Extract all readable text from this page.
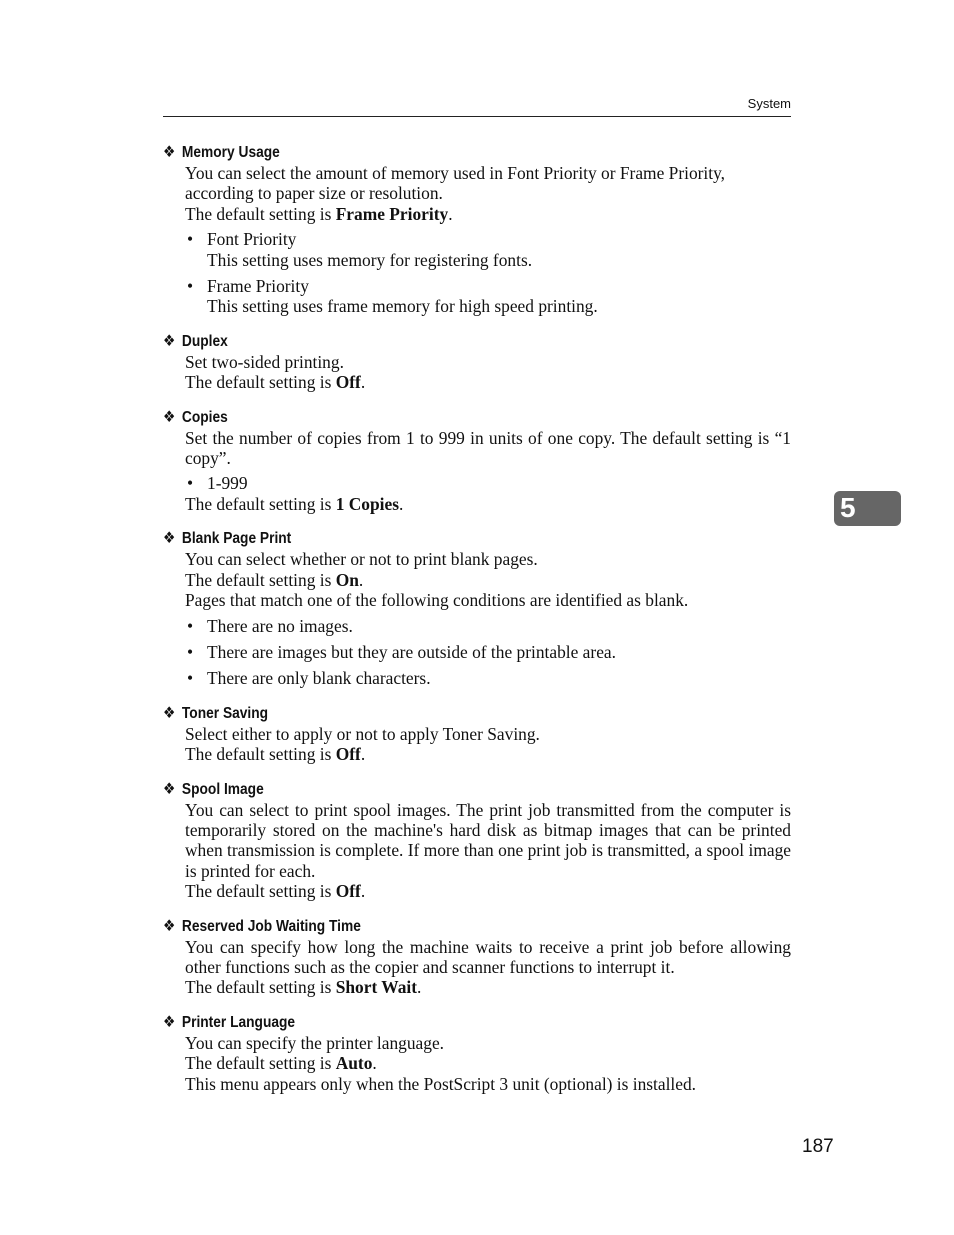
System
5
❖ Memory Usage

You can select the amount of memory used in Font Priority or Frame Priority, according to paper size or resolution.

The default setting is Frame Priority.

• Font Priority
This setting uses memory for registering fonts.
• Frame Priority
This setting uses frame memory for high speed printing.
❖ Duplex

Set two-sided printing.

The default setting is Off.

❖ Copies

Set the number of copies from 1 to 999 in units of one copy. The default setting is “1 copy”.

• 1-999

The default setting is 1 Copies.

❖ Blank Page Print

You can select whether or not to print blank pages.

The default setting is On.

Pages that match one of the following conditions are identified as blank.

• There are no images.
• There are images but they are outside of the printable area.
• There are only blank characters.
❖ Toner Saving

Select either to apply or not to apply Toner Saving.

The default setting is Off.

❖ Spool Image

You can select to print spool images. The print job transmitted from the computer is temporarily stored on the machine's hard disk as bitmap images that can be printed when transmission is complete. If more than one print job is transmitted, a spool image is printed for each.

The default setting is Off.

❖ Reserved Job Waiting Time

You can specify how long the machine waits to receive a print job before allowing other functions such as the copier and scanner functions to interrupt it.

The default setting is Short Wait.

❖ Printer Language

You can specify the printer language.

The default setting is Auto.

This menu appears only when the PostScript 3 unit (optional) is installed.

187
